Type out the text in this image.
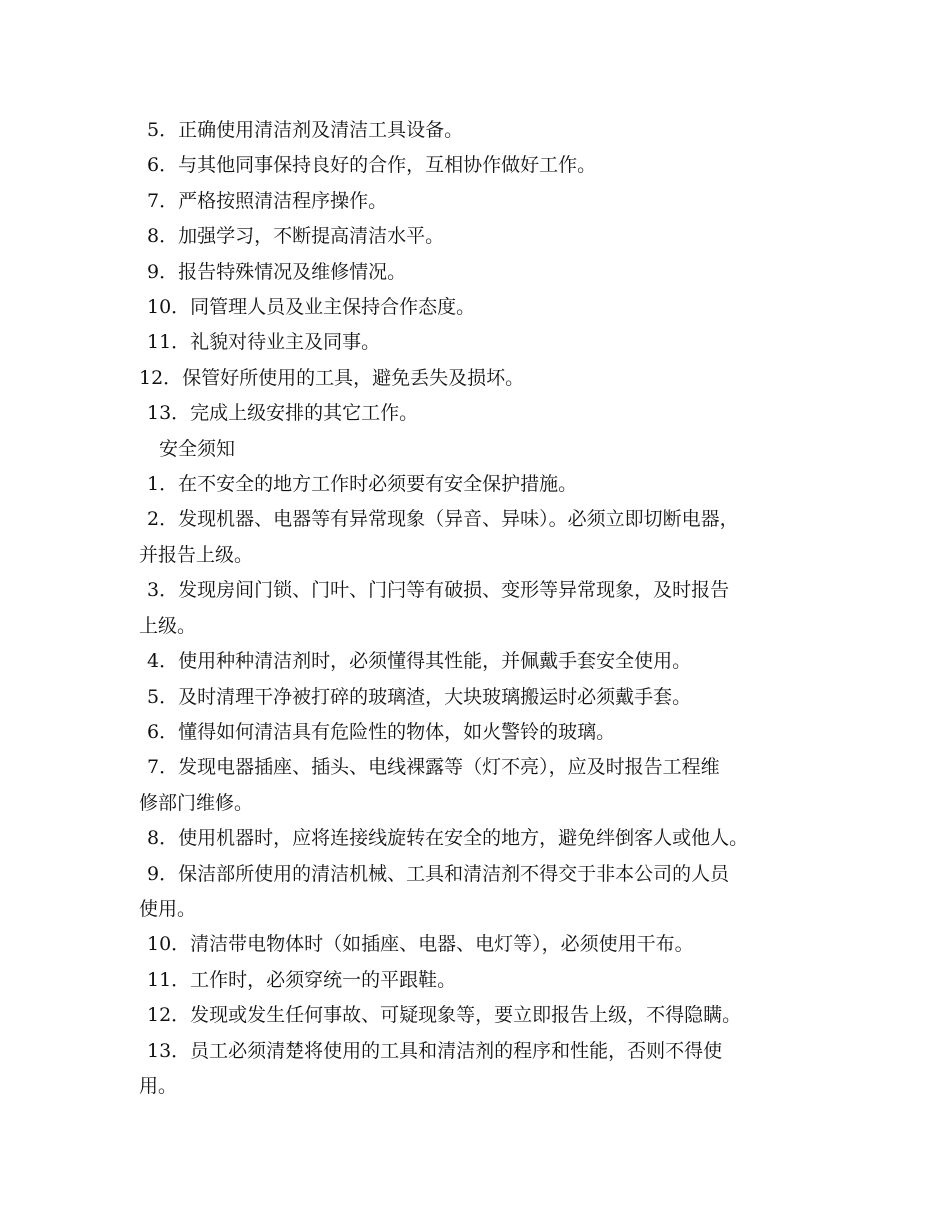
5．正确使用清洁剂及清洁工具设备。
6．与其他同事保持良好的合作，互相协作做好工作。
7．严格按照清洁程序操作。
8．加强学习，不断提高清洁水平。
9．报告特殊情况及维修情况。
10．同管理人员及业主保持合作态度。
11．礼貌对待业主及同事。
12．保管好所使用的工具，避免丢失及损坏。
13．完成上级安排的其它工作。
安全须知
1．在不安全的地方工作时必须要有安全保护措施。
2．发现机器、电器等有异常现象（异音、异味）。必须立即切断电器，
并报告上级。
3．发现房间门锁、门叶、门闩等有破损、变形等异常现象，及时报告
上级。
4．使用种种清洁剂时，必须懂得其性能，并佩戴手套安全使用。
5．及时清理干净被打碎的玻璃渣，大块玻璃搬运时必须戴手套。
6．懂得如何清洁具有危险性的物体，如火警铃的玻璃。
7．发现电器插座、插头、电线裸露等（灯不亮），应及时报告工程维
修部门维修。
8．使用机器时，应将连接线旋转在安全的地方，避免绊倒客人或他人。
9．保洁部所使用的清洁机械、工具和清洁剂不得交于非本公司的人员
使用。
10．清洁带电物体时（如插座、电器、电灯等），必须使用干布。
11．工作时，必须穿统一的平跟鞋。
12．发现或发生任何事故、可疑现象等，要立即报告上级，不得隐瞒。
13．员工必须清楚将使用的工具和清洁剂的程序和性能，否则不得使
用。
